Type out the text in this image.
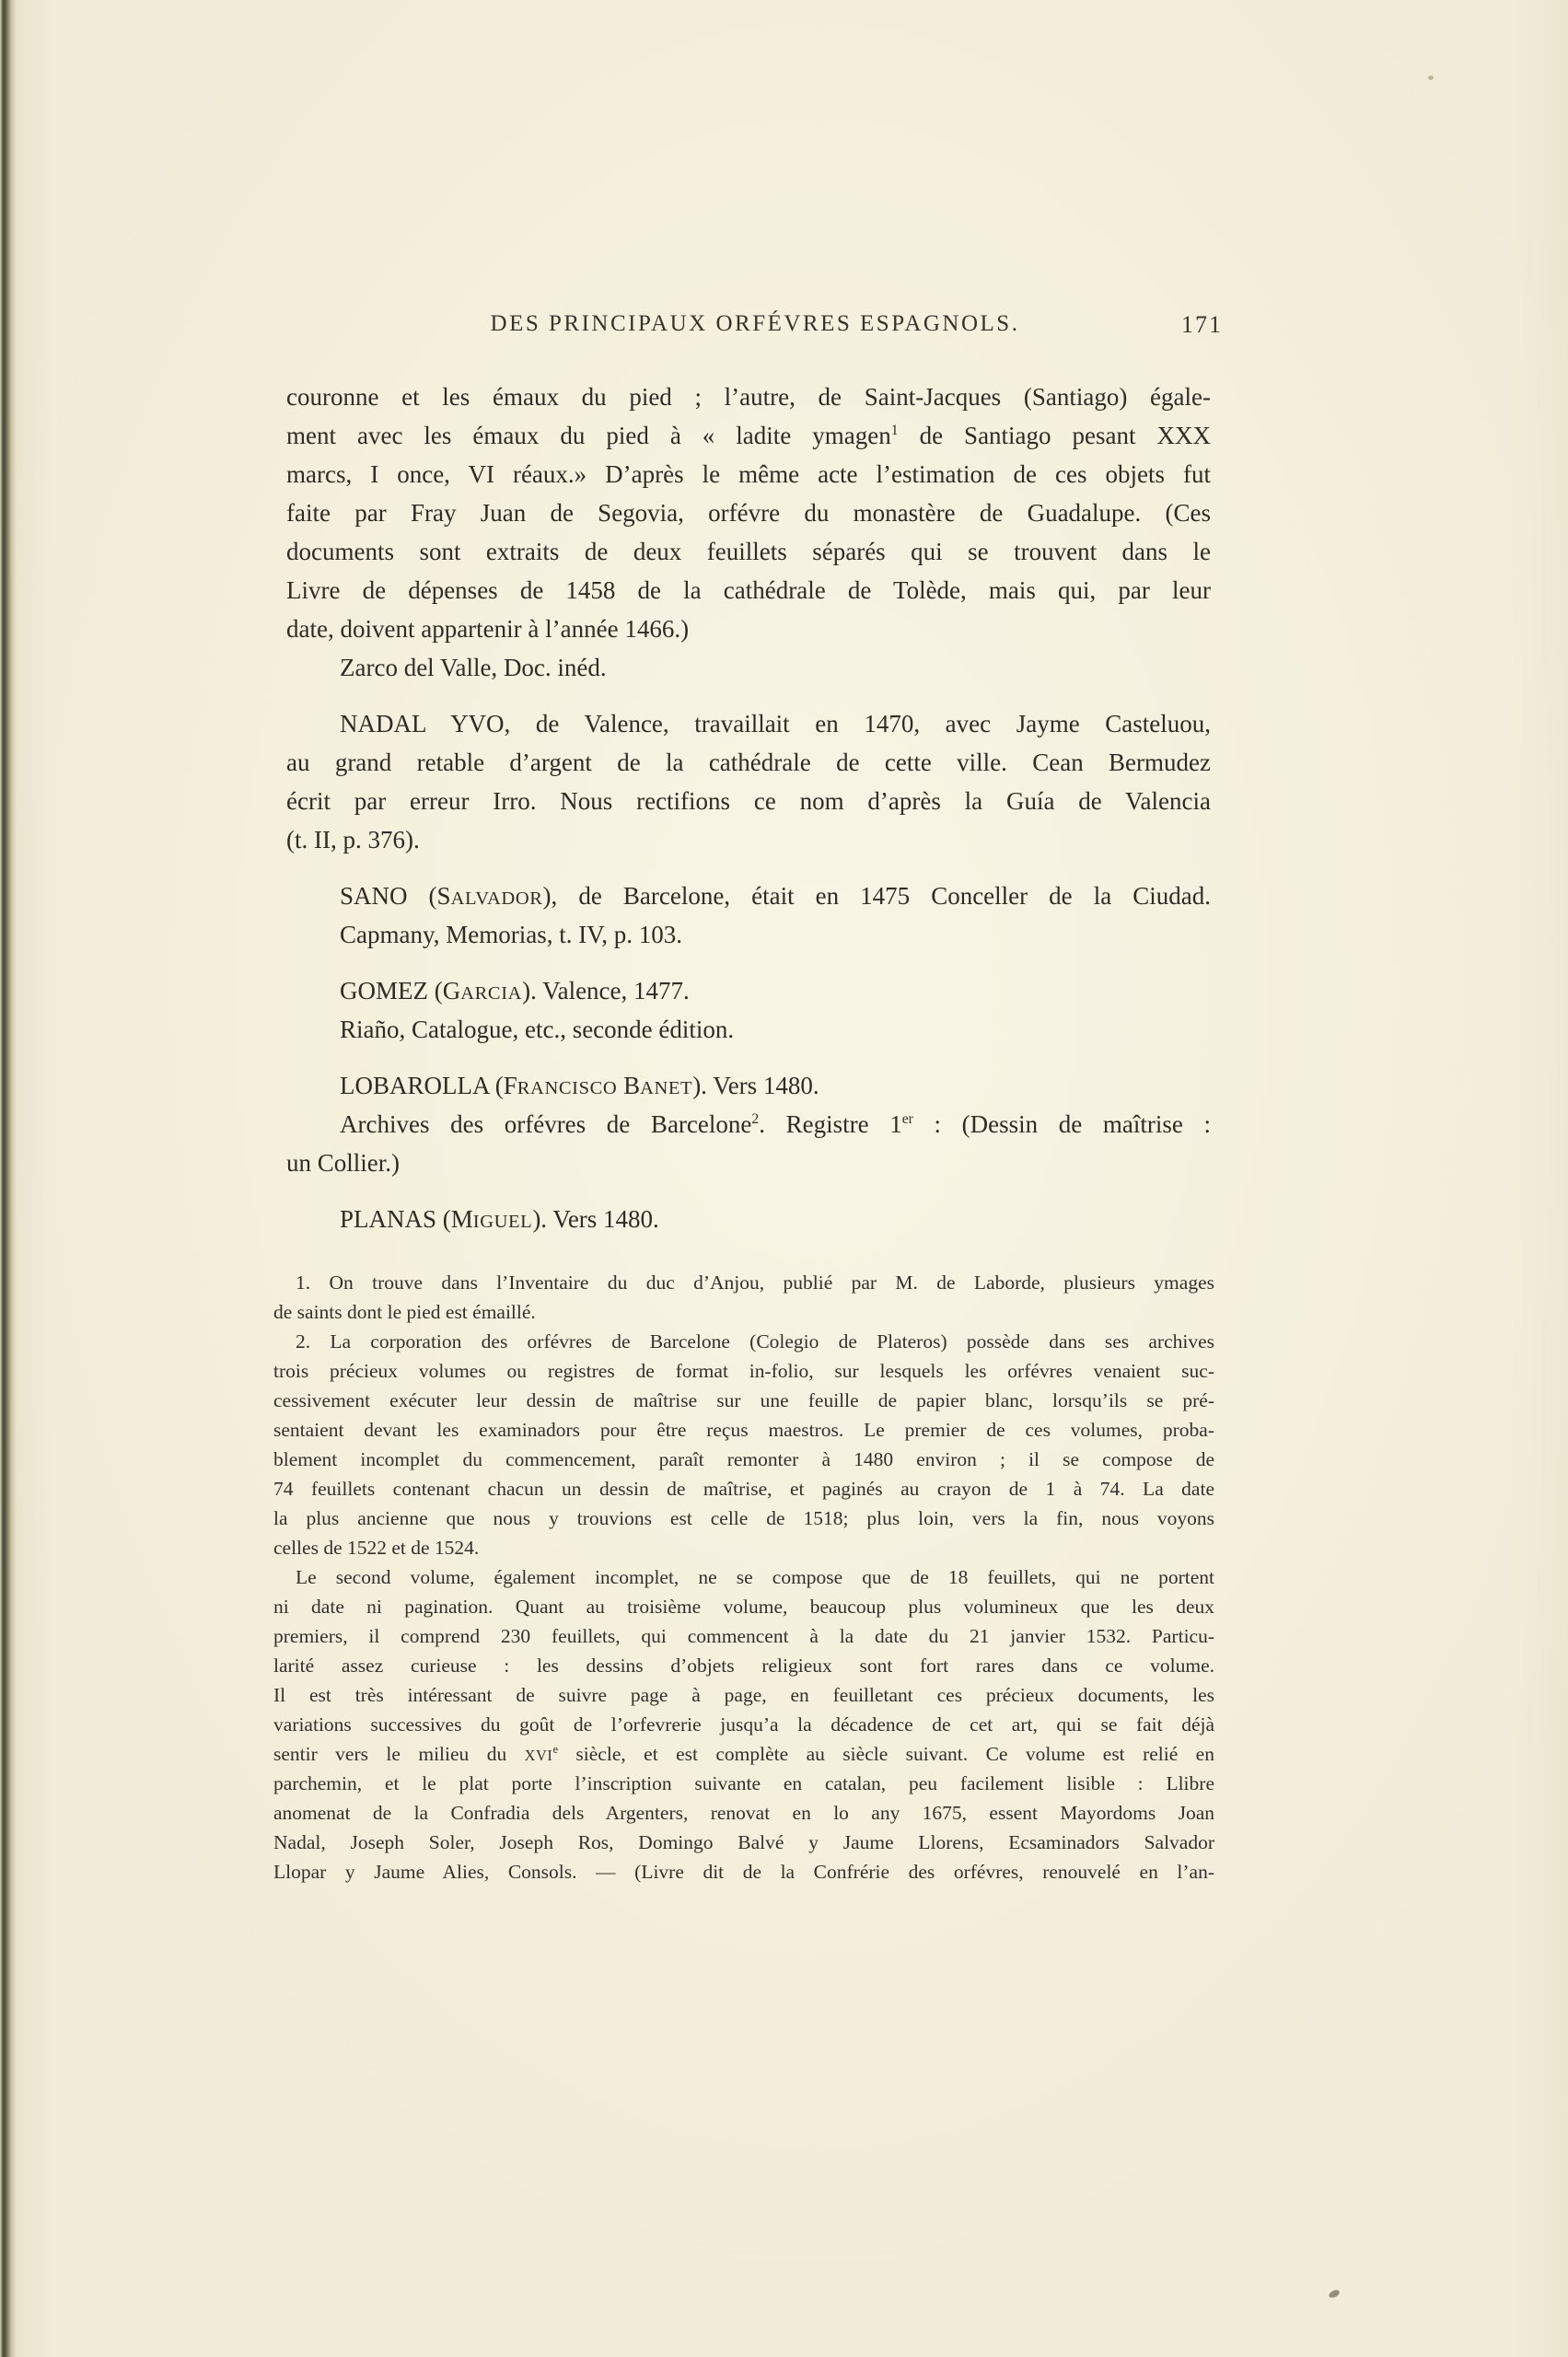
DES PRINCIPAUX ORFÉVRES ESPAGNOLS.	171
couronne et les émaux du pied ; l’autre, de Saint-Jacques (Santiago) égale-
ment avec les émaux du pied à « ladite ymagen$^1$ de Santiago pesant XXX
marcs, I once, VI réaux.» D’après le même acte l’estimation de ces objets fut
faite par Fray Juan de Segovia, orfévre du monastère de Guadalupe. (Ces
documents sont extraits de deux feuillets séparés qui se trouvent dans le
Livre de dépenses de 1458 de la cathédrale de Tolède, mais qui, par leur
date, doivent appartenir à l’année 1466.)
Zarco del Valle, Doc. inéd.
NADAL YVO, de Valence, travaillait en 1470, avec Jayme Casteluou,
au grand retable d’argent de la cathédrale de cette ville. Cean Bermudez
écrit par erreur Irro. Nous rectifions ce nom d’après la Guía de Valencia
(t. II, p. 376).
SANO (SALVADOR), de Barcelone, était en 1475 Conceller de la Ciudad.
Capmany, Memorias, t. IV, p. 103.
GOMEZ (GARCIA). Valence, 1477.
Riaño, Catalogue, etc., seconde édition.
LOBAROLLA (FRANCISCO BANET). Vers 1480.
Archives des orfévres de Barcelone$^2$. Registre 1er : (Dessin de maîtrise :
un Collier.)
PLANAS (MIGUEL). Vers 1480.
1. On trouve dans l’Inventaire du duc d’Anjou, publié par M. de Laborde, plusieurs ymages
de saints dont le pied est émaillé.
2. La corporation des orfévres de Barcelone (Colegio de Plateros) possède dans ses archives
trois précieux volumes ou registres de format in-folio, sur lesquels les orfévres venaient suc-
cessivement exécuter leur dessin de maîtrise sur une feuille de papier blanc, lorsqu’ils se pré-
sentaient devant les examinadors pour être reçus maestros. Le premier de ces volumes, proba-
blement incomplet du commencement, paraît remonter à 1480 environ ; il se compose de
74 feuillets contenant chacun un dessin de maîtrise, et paginés au crayon de 1 à 74. La date
la plus ancienne que nous y trouvions est celle de 1518; plus loin, vers la fin, nous voyons
celles de 1522 et de 1524.
Le second volume, également incomplet, ne se compose que de 18 feuillets, qui ne portent
ni date ni pagination. Quant au troisième volume, beaucoup plus volumineux que les deux
premiers, il comprend 230 feuillets, qui commencent à la date du 21 janvier 1532. Particu-
larité assez curieuse : les dessins d’objets religieux sont fort rares dans ce volume.
Il est très intéressant de suivre page à page, en feuilletant ces précieux documents, les
variations successives du goût de l’orfevrerie jusqu’a la décadence de cet art, qui se fait déjà
sentir vers le milieu du XVIe siècle, et est complète au siècle suivant. Ce volume est relié en
parchemin, et le plat porte l’inscription suivante en catalan, peu facilement lisible : Llibre
anomenat de la Confradia dels Argenters, renovat en lo any 1675, essent Mayordoms Joan
Nadal, Joseph Soler, Joseph Ros, Domingo Balvé y Jaume Llorens, Ecsaminadors Salvador
Llopar y Jaume Alies, Consols. — (Livre dit de la Confrérie des orfévres, renouvelé en l’an-
